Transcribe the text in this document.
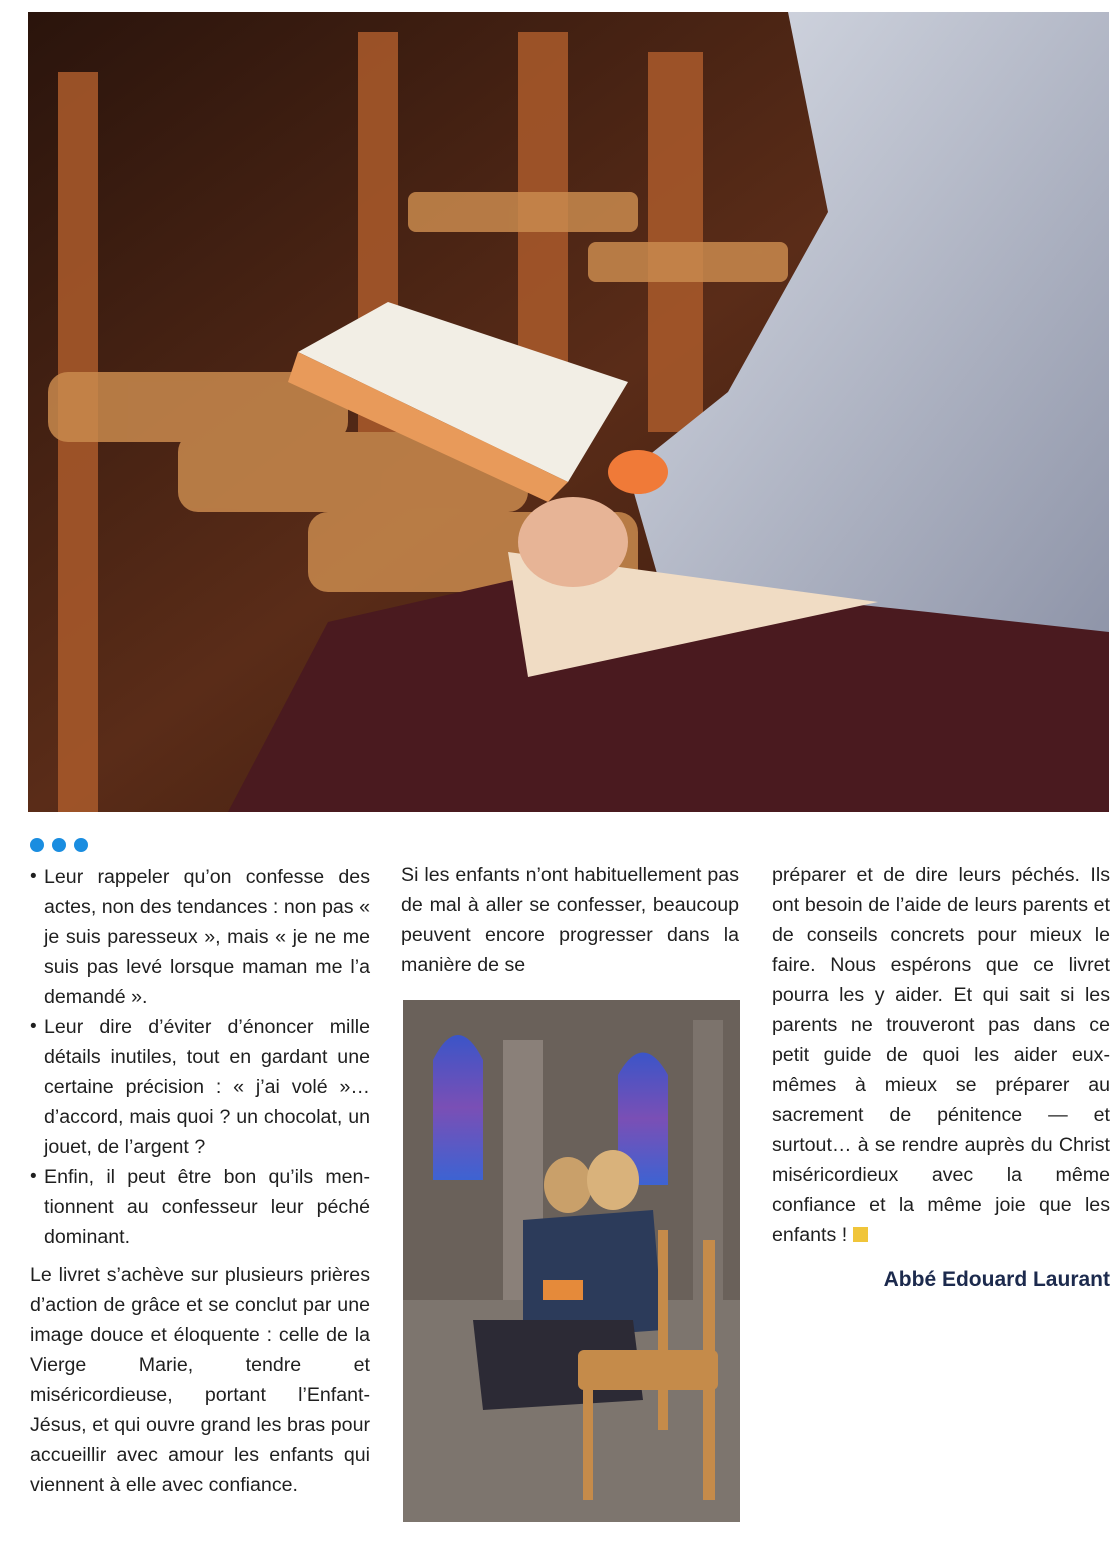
• Leur rappeler qu’on confesse des actes, non des tendances : non pas « je suis paresseux », mais « je ne me suis pas levé lorsque maman me l’a demandé ».
• Leur dire d’éviter d’énoncer mille détails inutiles, tout en gardant une certaine précision : « j’ai volé »… d’accord, mais quoi ? un chocolat, un jouet, de l’argent ?
• Enfin, il peut être bon qu’ils mentionnent au confesseur leur péché dominant.

Le livret s’achève sur plusieurs prières d’action de grâce et se conclut par une image douce et éloquente : celle de la Vierge Marie, tendre et miséricordieuse, portant l’Enfant-Jésus, et qui ouvre grand les bras pour accueillir avec amour les enfants qui viennent à elle avec confiance.

Si les enfants n’ont habituellement pas de mal à aller se confesser, beaucoup peuvent encore progresser dans la manière de se

préparer et de dire leurs péchés. Ils ont besoin de l’aide de leurs parents et de conseils concrets pour mieux le faire. Nous espérons que ce livret pourra les y aider. Et qui sait si les parents ne trouveront pas dans ce petit guide de quoi les aider eux-mêmes à mieux se préparer au sacrement de pénitence — et surtout… à se rendre auprès du Christ miséricordieux avec la même confiance et la même joie que les enfants !

Abbé Edouard Laurant
